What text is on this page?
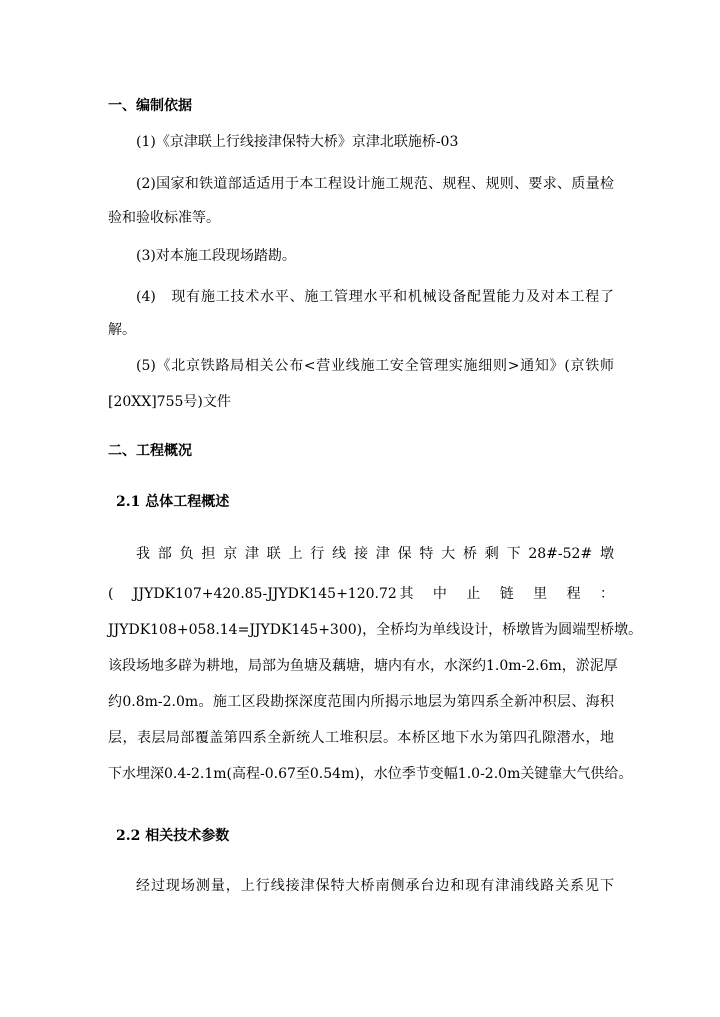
一、编制依据
(1)《京津联上行线接津保特大桥》京津北联施桥-03
(2)国家和铁道部适适用于本工程设计施工规范、规程、规则、要求、质量检
验和验收标准等。
(3)对本施工段现场踏勘。
(4)　现有施工技术水平、施工管理水平和机械设备配置能力及对本工程了
解。
(5)《北京铁路局相关公布<营业线施工安全管理实施细则>通知》(京铁师
[20XX]755号)文件
二、工程概况
2.1 总体工程概述
我部负担京津联上行线接津保特大桥剩下28#-52#墩
(　JJYDK107+420.85-JJYDK145+120.72其　中　止　链　里　程　：
JJYDK108+058.14=JJYDK145+300)，全桥均为单线设计，桥墩皆为圆端型桥墩。
该段场地多辟为耕地，局部为鱼塘及藕塘，塘内有水，水深约1.0m-2.6m，淤泥厚
约0.8m-2.0m。施工区段勘探深度范围内所揭示地层为第四系全新冲积层、海积
层，表层局部覆盖第四系全新统人工堆积层。本桥区地下水为第四孔隙潜水，地
下水埋深0.4-2.1m(高程-0.67至0.54m)，水位季节变幅1.0-2.0m关键靠大气供给。
2.2 相关技术参数
经过现场测量，上行线接津保特大桥南侧承台边和现有津浦线路关系见下
